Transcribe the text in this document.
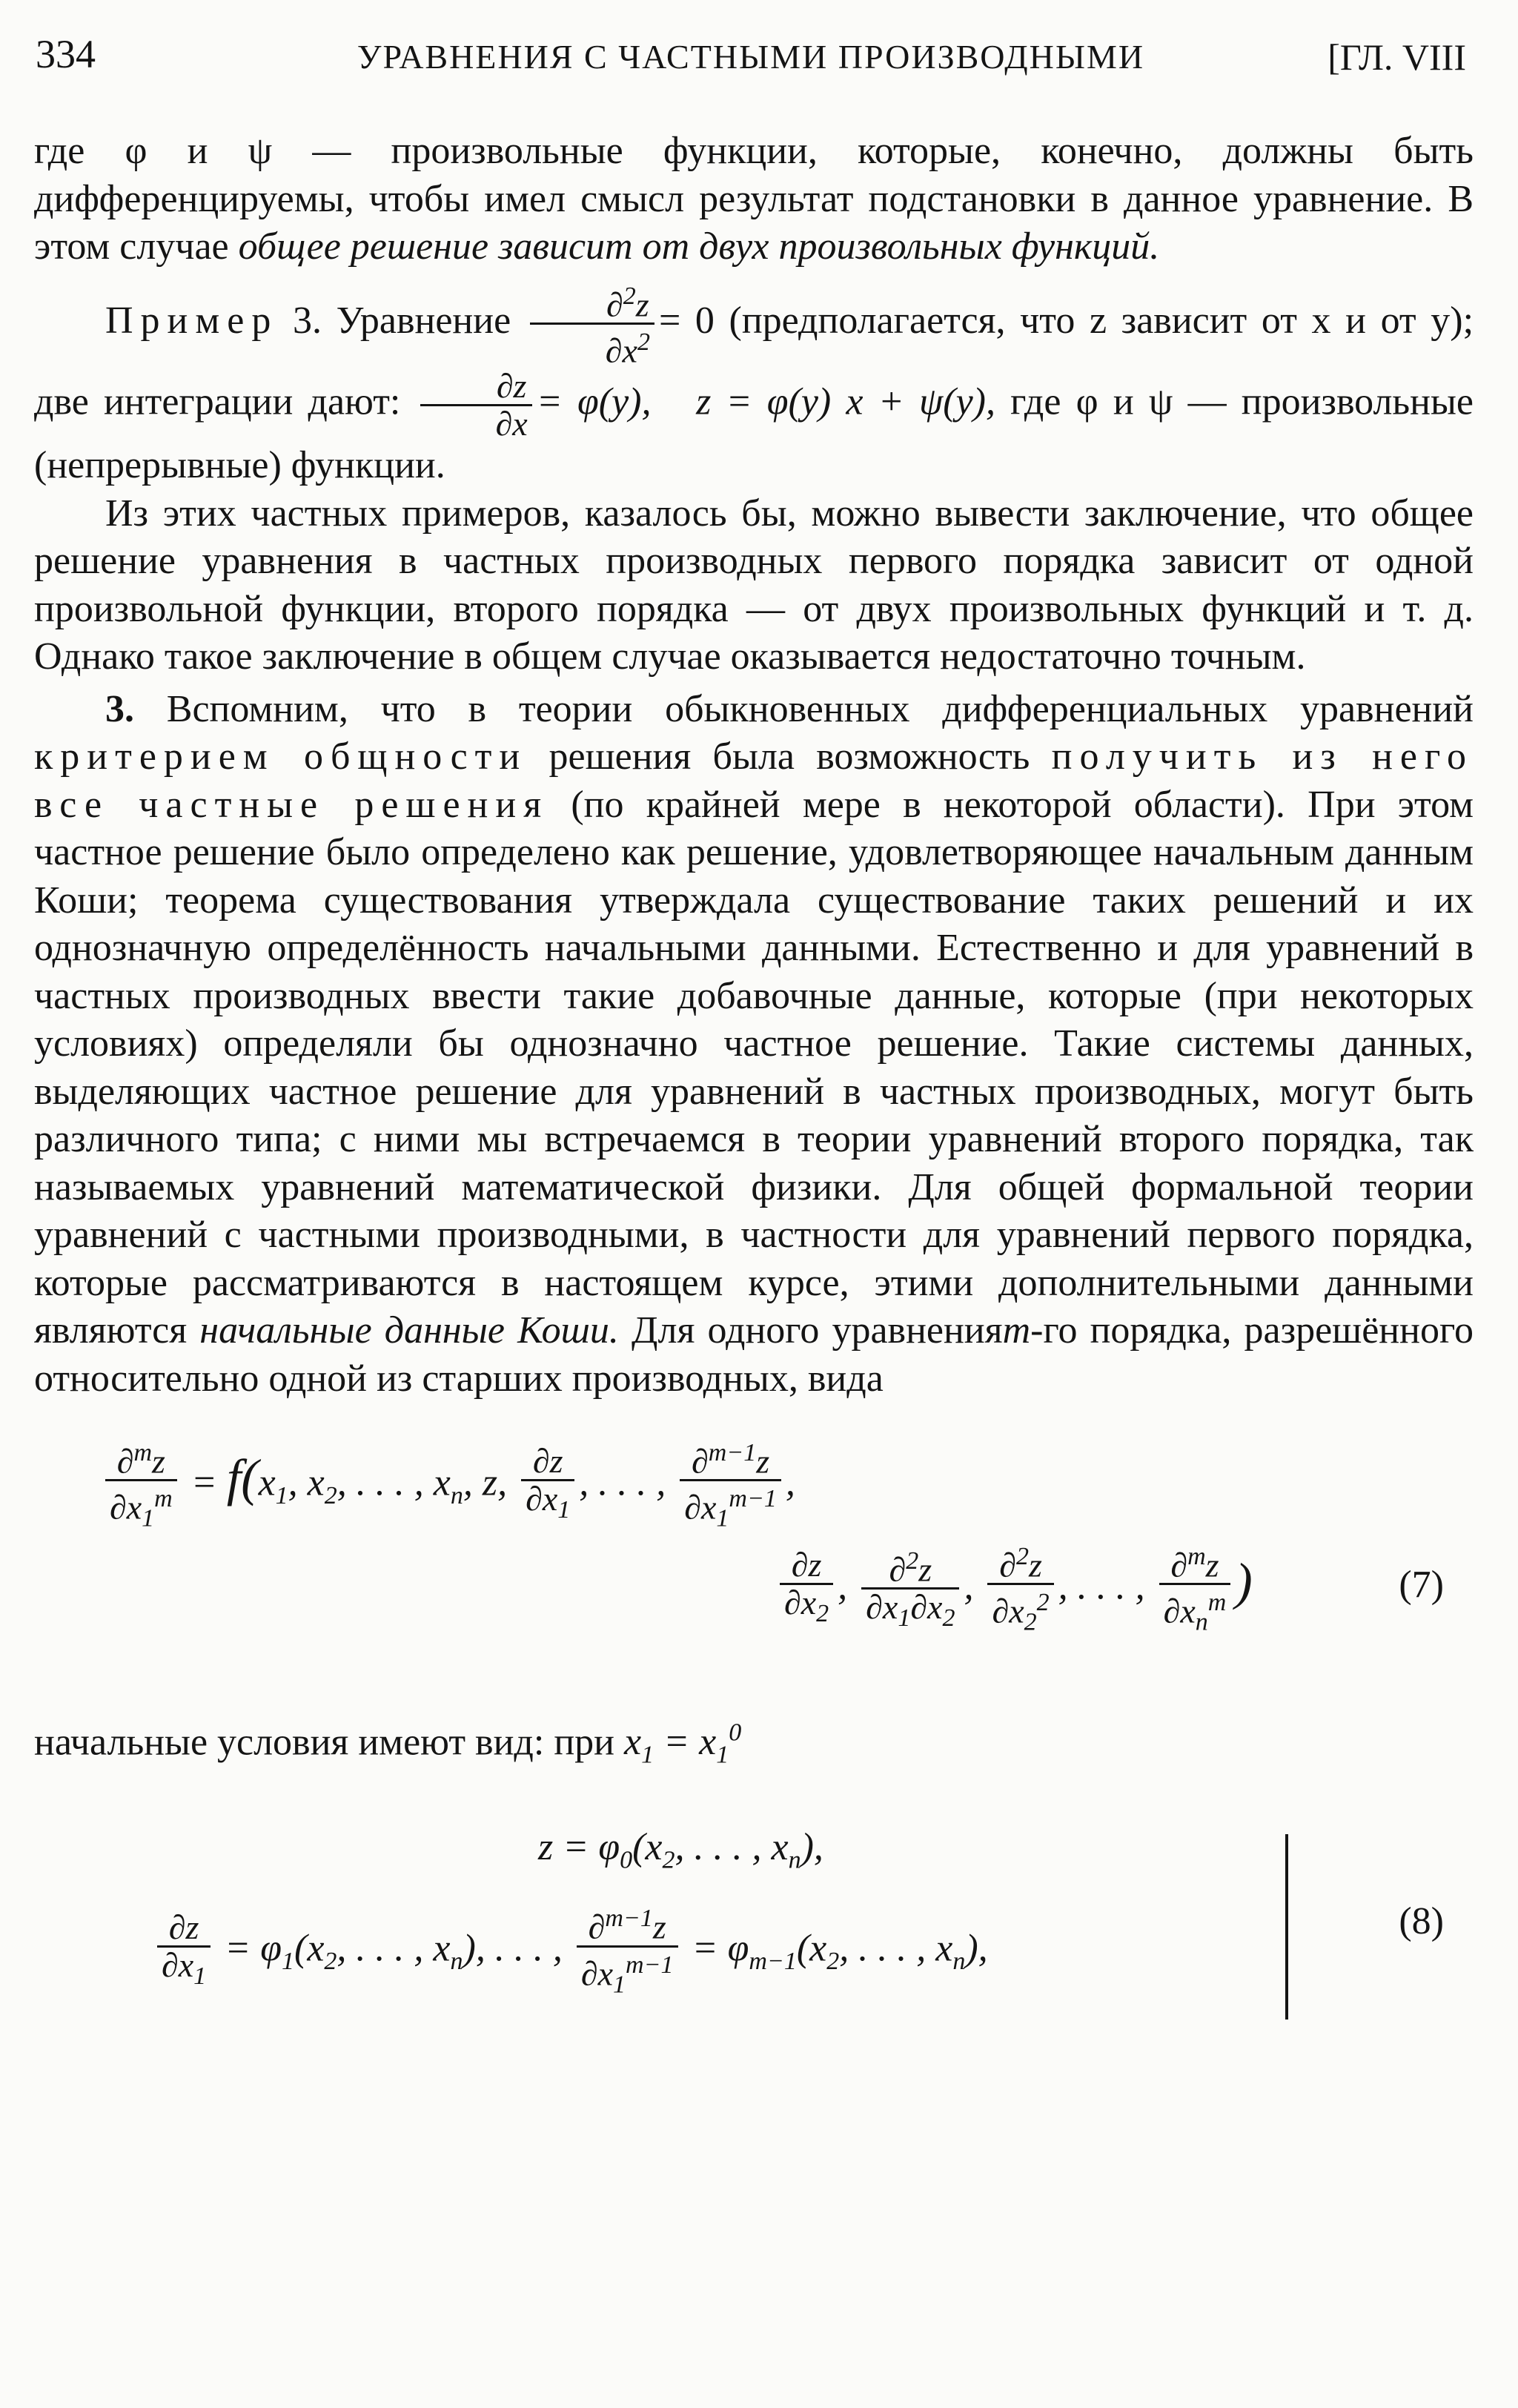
334	УРАВНЕНИЯ С ЧАСТНЫМИ ПРОИЗВОДНЫМИ	[ГЛ. VIII

где φ и ψ — произвольные функции, которые, конечно, должны быть дифференцируемы, чтобы имел смысл результат подстановки в данное уравнение. В этом случае общее решение зависит от двух произвольных функций.

Пример 3. Уравнение $\frac{\partial^2z}{\partial x^2} = 0$ (предполагается, что z зависит от x и от y); две интеграции дают: $\frac{\partial z}{\partial x} = \varphi(y)$, z = φ(y) x + ψ(y), где φ и ψ — произвольные (непрерывные) функции.

Из этих частных примеров, казалось бы, можно вывести заключение, что общее решение уравнения в частных производных первого порядка зависит от одной произвольной функции, второго порядка — от двух произвольных функций и т. д. Однако такое заключение в общем случае оказывается недостаточно точным.

3. Вспомним, что в теории обыкновенных дифференциальных уравнений критерием общности решения была возможность получить из него все частные решения (по крайней мере в некоторой области). При этом частное решение было определено как решение, удовлетворяющее начальным данным Коши; теорема существования утверждала существование таких решений и их однозначную определённость начальными данными. Естественно и для уравнений в частных производных ввести такие добавочные данные, которые (при некоторых условиях) определяли бы однозначно частное решение. Такие системы данных, выделяющих частное решение для уравнений в частных производных, могут быть различного типа; с ними мы встречаемся в теории уравнений второго порядка, так называемых уравнений математической физики. Для общей формальной теории уравнений с частными производными, в частности для уравнений первого порядка, которые рассматриваются в настоящем курсе, этими дополнительными данными являются начальные данные Коши. Для одного уравненияm-го порядка, разрешённого относительно одной из старших производных, вида

$\frac{\partial^mz}{\partial x_1^m} = f(x_1$, $x_2$, . . . , $x_n$, z, $\frac{\partial z}{\partial x_1}$ , . . . , $\frac{\partial^{m-1}z}{\partial x_1^{m-1}}$ ,
$\frac{\partial z}{\partial x_2}$ , $\frac{\partial^2z}{\partial x_1\partial x_2}$ , $\frac{\partial^2z}{\partial x_2^2}$ , . . . , $\frac{\partial^mz}{\partial x_n^m}$ )	(7)

начальные условия имеют вид: при $x_1 = x_1^0$

$z = \varphi_0(x_2$, . . . , $x_n$),
$\frac{\partial z}{\partial x_1} = \varphi_1(x_2$, . . . , $x_n$), . . . , $\frac{\partial^{m-1}z}{\partial x_1^{m-1}} = \varphi_{m-1}(x_2$, . . . , $x_n$),
(8)
